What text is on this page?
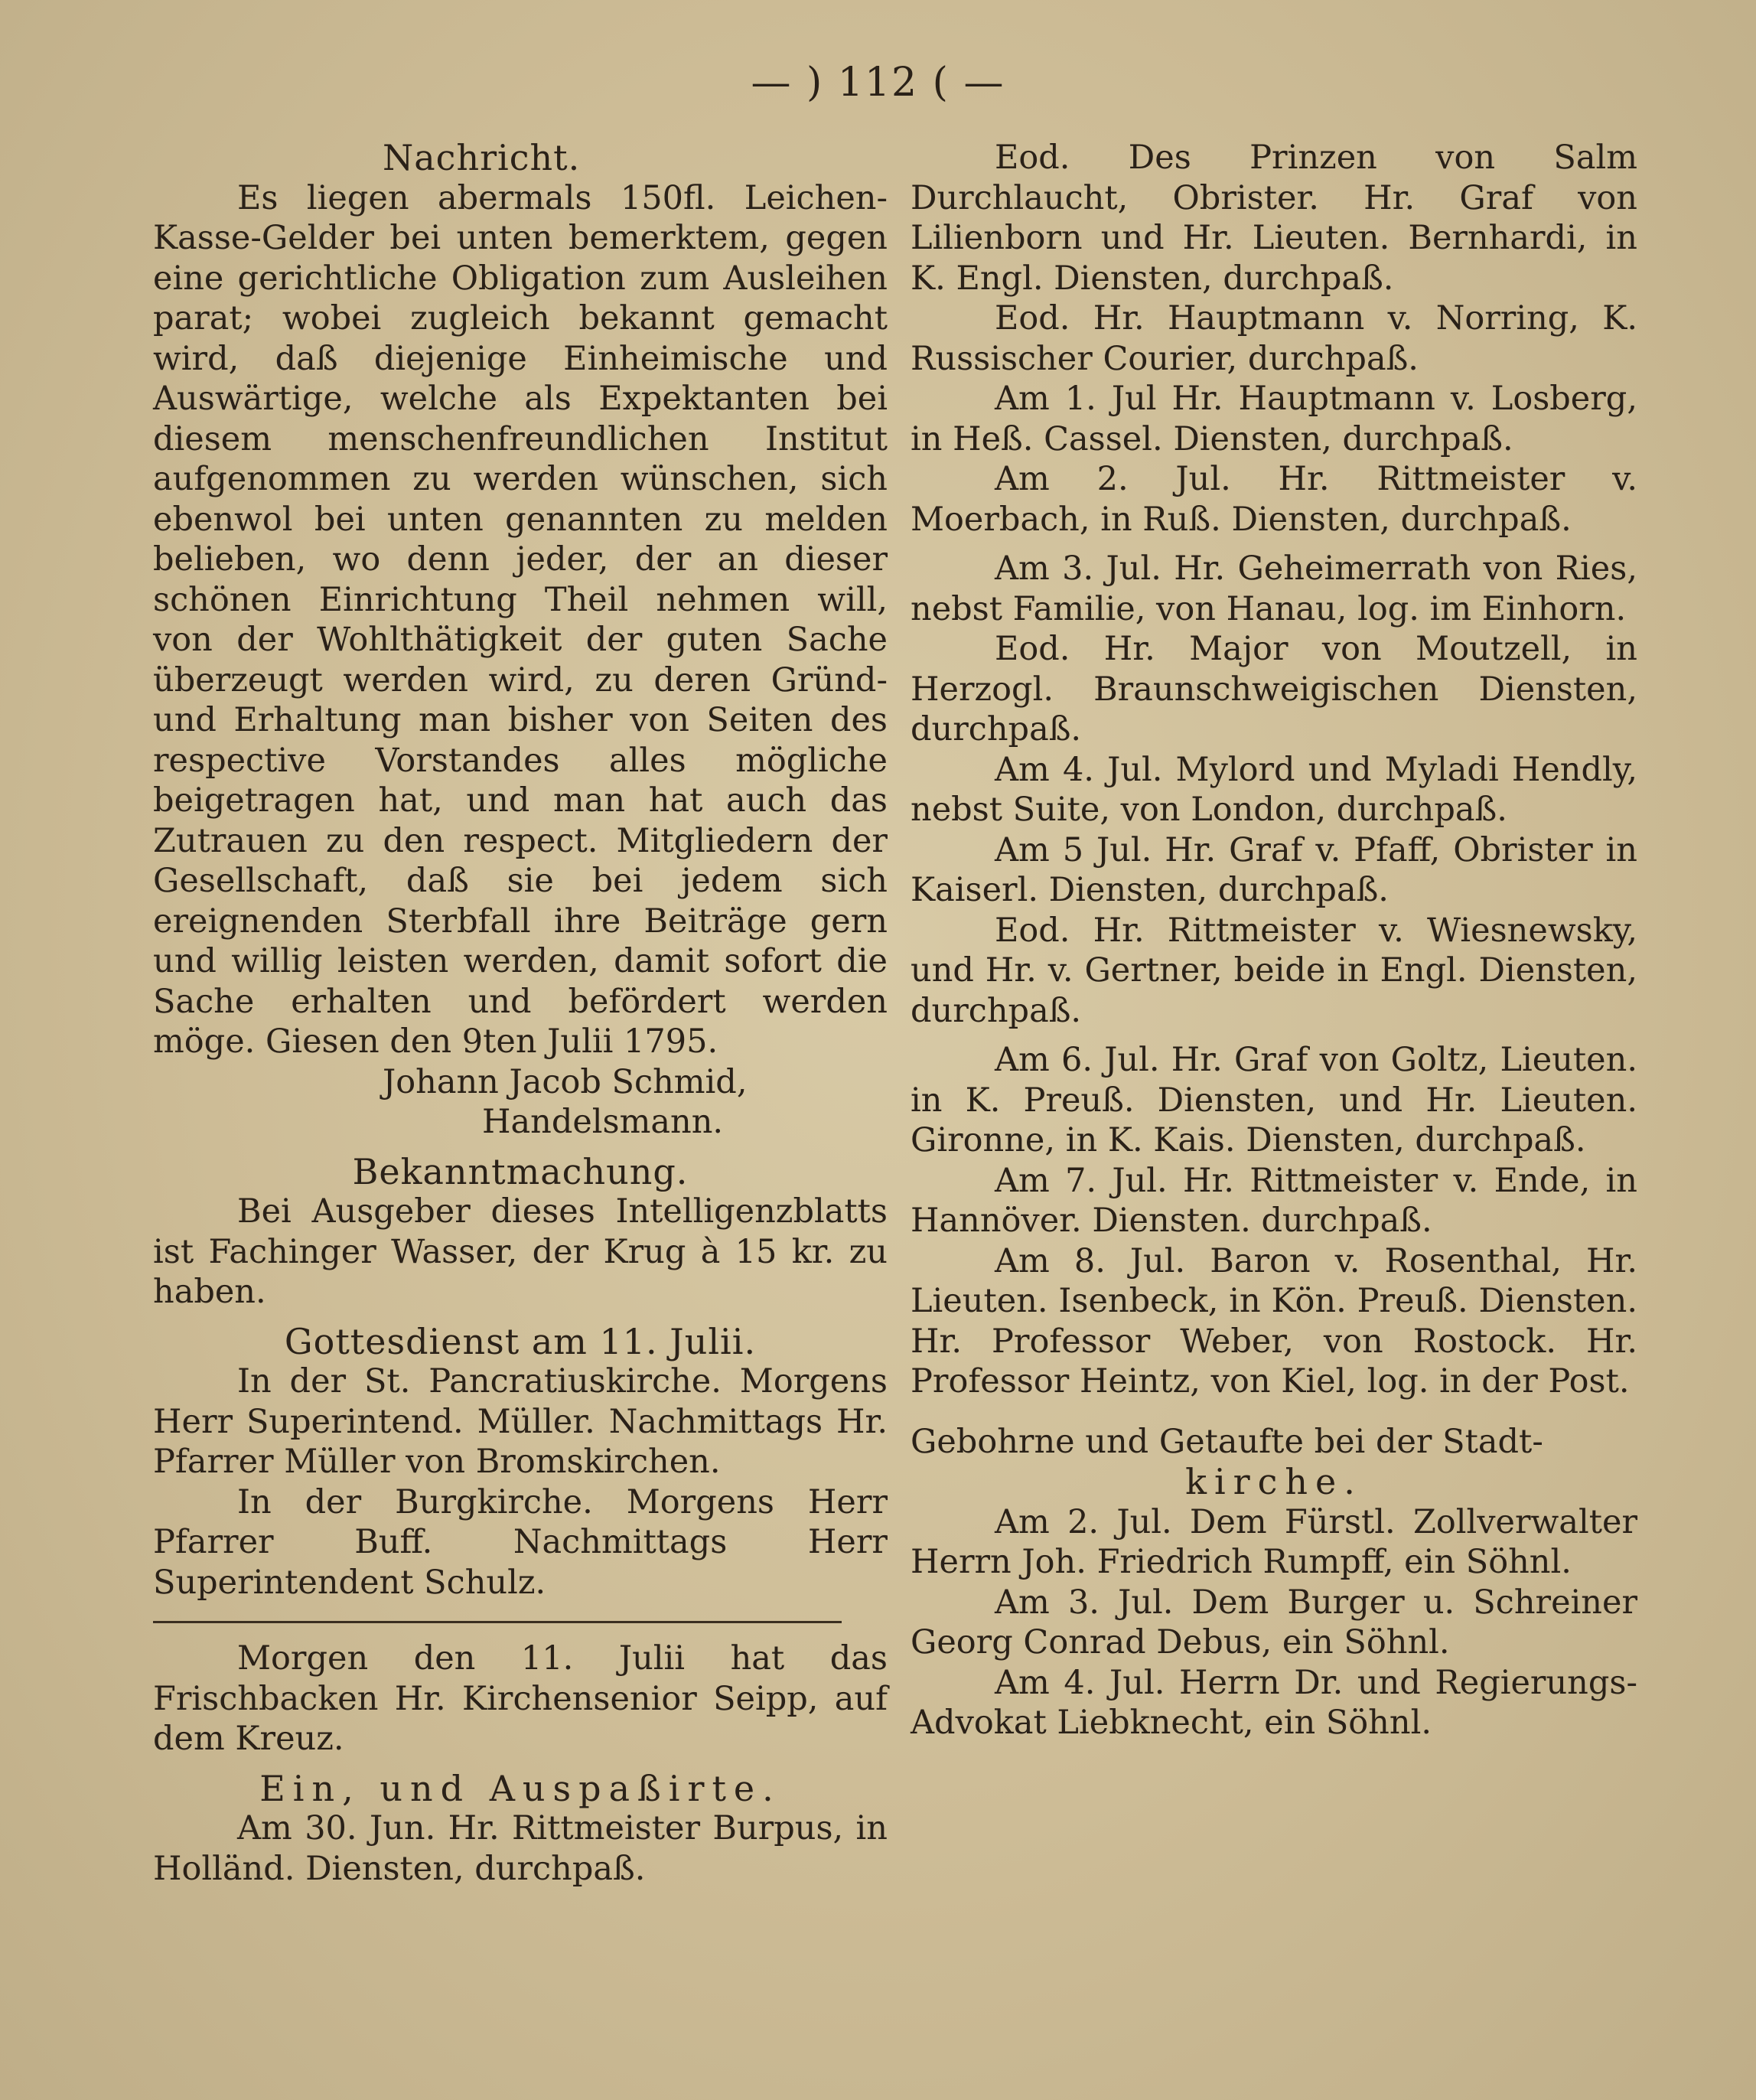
— ) 112 ( —

Nachricht.

Es liegen abermals 150fl. Leichen-Kasse-Gelder bei unten bemerktem, gegen eine gerichtliche Obligation zum Ausleihen parat; wobei zugleich bekannt gemacht wird, daß diejenige Einheimische und Auswärtige, welche als Expektanten bei diesem menschenfreundlichen Institut aufgenommen zu werden wünschen, sich ebenwol bei unten genannten zu melden belieben, wo denn jeder, der an dieser schönen Einrichtung Theil nehmen will, von der Wohlthätigkeit der guten Sache überzeugt werden wird, zu deren Gründ- und Erhaltung man bisher von Seiten des respective Vorstandes alles mögliche beigetragen hat, und man hat auch das Zutrauen zu den respect. Mitgliedern der Gesellschaft, daß sie bei jedem sich ereignenden Sterbfall ihre Beiträge gern und willig leisten werden, damit sofort die Sache erhalten und befördert werden möge. Giesen den 9ten Julii 1795.

Johann Jacob Schmid,

Handelsmann.

Bekanntmachung.

Bei Ausgeber dieses Intelligenzblatts ist Fachinger Wasser, der Krug à 15 kr. zu haben.

Gottesdienst am 11. Julii.

In der St. Pancratiuskirche. Morgens Herr Superintend. Müller. Nachmittags Hr. Pfarrer Müller von Bromskirchen.

In der Burgkirche. Morgens Herr Pfarrer Buff. Nachmittags Herr Superintendent Schulz.

Morgen den 11. Julii hat das Frischbacken Hr. Kirchensenior Seipp, auf dem Kreuz.

Ein, und Auspaßirte.

Am 30. Jun. Hr. Rittmeister Burpus, in Holländ. Diensten, durchpaß.

Eod. Des Prinzen von Salm Durchlaucht, Obrister. Hr. Graf von Lilienborn und Hr. Lieuten. Bernhardi, in K. Engl. Diensten, durchpaß.

Eod. Hr. Hauptmann v. Norring, K. Russischer Courier, durchpaß.

Am 1. Jul Hr. Hauptmann v. Losberg, in Heß. Cassel. Diensten, durchpaß.

Am 2. Jul. Hr. Rittmeister v. Moerbach, in Ruß. Diensten, durchpaß.

Am 3. Jul. Hr. Geheimerrath von Ries, nebst Familie, von Hanau, log. im Einhorn.

Eod. Hr. Major von Moutzell, in Herzogl. Braunschweigischen Diensten, durchpaß.

Am 4. Jul. Mylord und Myladi Hendly, nebst Suite, von London, durchpaß.

Am 5 Jul. Hr. Graf v. Pfaff, Obrister in Kaiserl. Diensten, durchpaß.

Eod. Hr. Rittmeister v. Wiesnewsky, und Hr. v. Gertner, beide in Engl. Diensten, durchpaß.

Am 6. Jul. Hr. Graf von Goltz, Lieuten. in K. Preuß. Diensten, und Hr. Lieuten. Gironne, in K. Kais. Diensten, durchpaß.

Am 7. Jul. Hr. Rittmeister v. Ende, in Hannöver. Diensten. durchpaß.

Am 8. Jul. Baron v. Rosenthal, Hr. Lieuten. Isenbeck, in Kön. Preuß. Diensten. Hr. Professor Weber, von Rostock. Hr. Professor Heintz, von Kiel, log. in der Post.

Gebohrne und Getaufte bei der Stadt-

kirche.

Am 2. Jul. Dem Fürstl. Zollverwalter Herrn Joh. Friedrich Rumpff, ein Söhnl.

Am 3. Jul. Dem Burger u. Schreiner Georg Conrad Debus, ein Söhnl.

Am 4. Jul. Herrn Dr. und Regierungs-Advokat Liebknecht, ein Söhnl.
